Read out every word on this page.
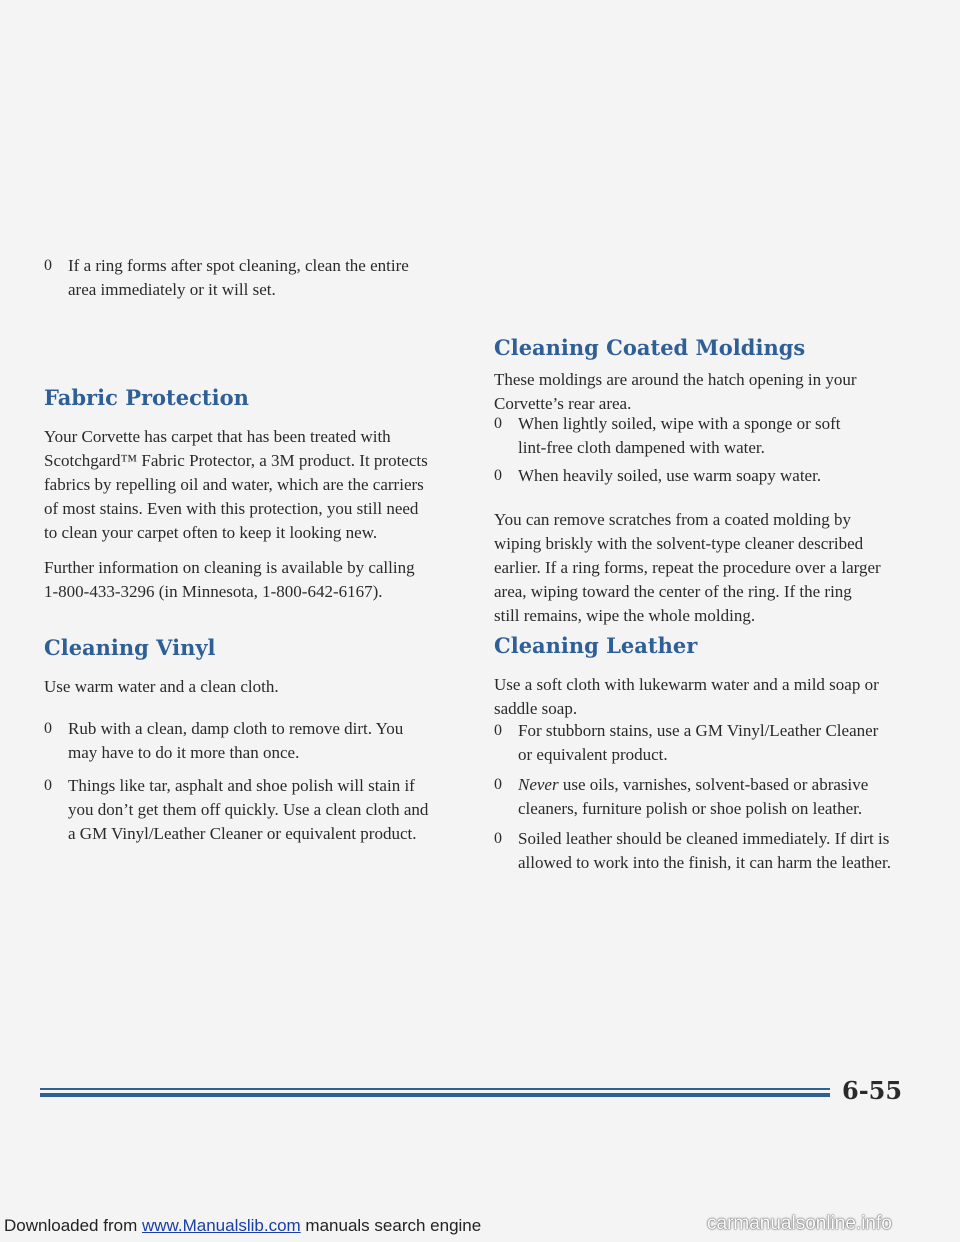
0 If a ring forms after spot cleaning, clean the entire
area immediately or it will set.
Fabric Protection
Your Corvette has carpet that has been treated with
Scotchgard™ Fabric Protector, a 3M product. It protects
fabrics by repelling oil and water, which are the carriers
of most stains. Even with this protection, you still need
to clean your carpet often to keep it looking new.
Further information on cleaning is available by calling
1-800-433-3296 (in Minnesota, 1-800-642-6167).
Cleaning Vinyl
Use warm water and a clean cloth.
0 Rub with a clean, damp cloth to remove dirt. You
may have to do it more than once.
0 Things like tar, asphalt and shoe polish will stain if
you don’t get them off quickly. Use a clean cloth and
a GM Vinyl/Leather Cleaner or equivalent product.
Cleaning Coated Moldings
These moldings are around the hatch opening in your
Corvette’s rear area.
0 When lightly soiled, wipe with a sponge or soft
lint-free cloth dampened with water.
0 When heavily soiled, use warm soapy water.
You can remove scratches from a coated molding by
wiping briskly with the solvent-type cleaner described
earlier. If a ring forms, repeat the procedure over a larger
area, wiping toward the center of the ring. If the ring
still remains, wipe the whole molding.
Cleaning Leather
Use a soft cloth with lukewarm water and a mild soap or
saddle soap.
0 For stubborn stains, use a GM Vinyl/Leather Cleaner
or equivalent product.
0 Never use oils, varnishes, solvent-based or abrasive
cleaners, furniture polish or shoe polish on leather.
0 Soiled leather should be cleaned immediately. If dirt is
allowed to work into the finish, it can harm the leather.
6-55
Downloaded from www.Manualslib.com manuals search engine	carmanualsonline.info
